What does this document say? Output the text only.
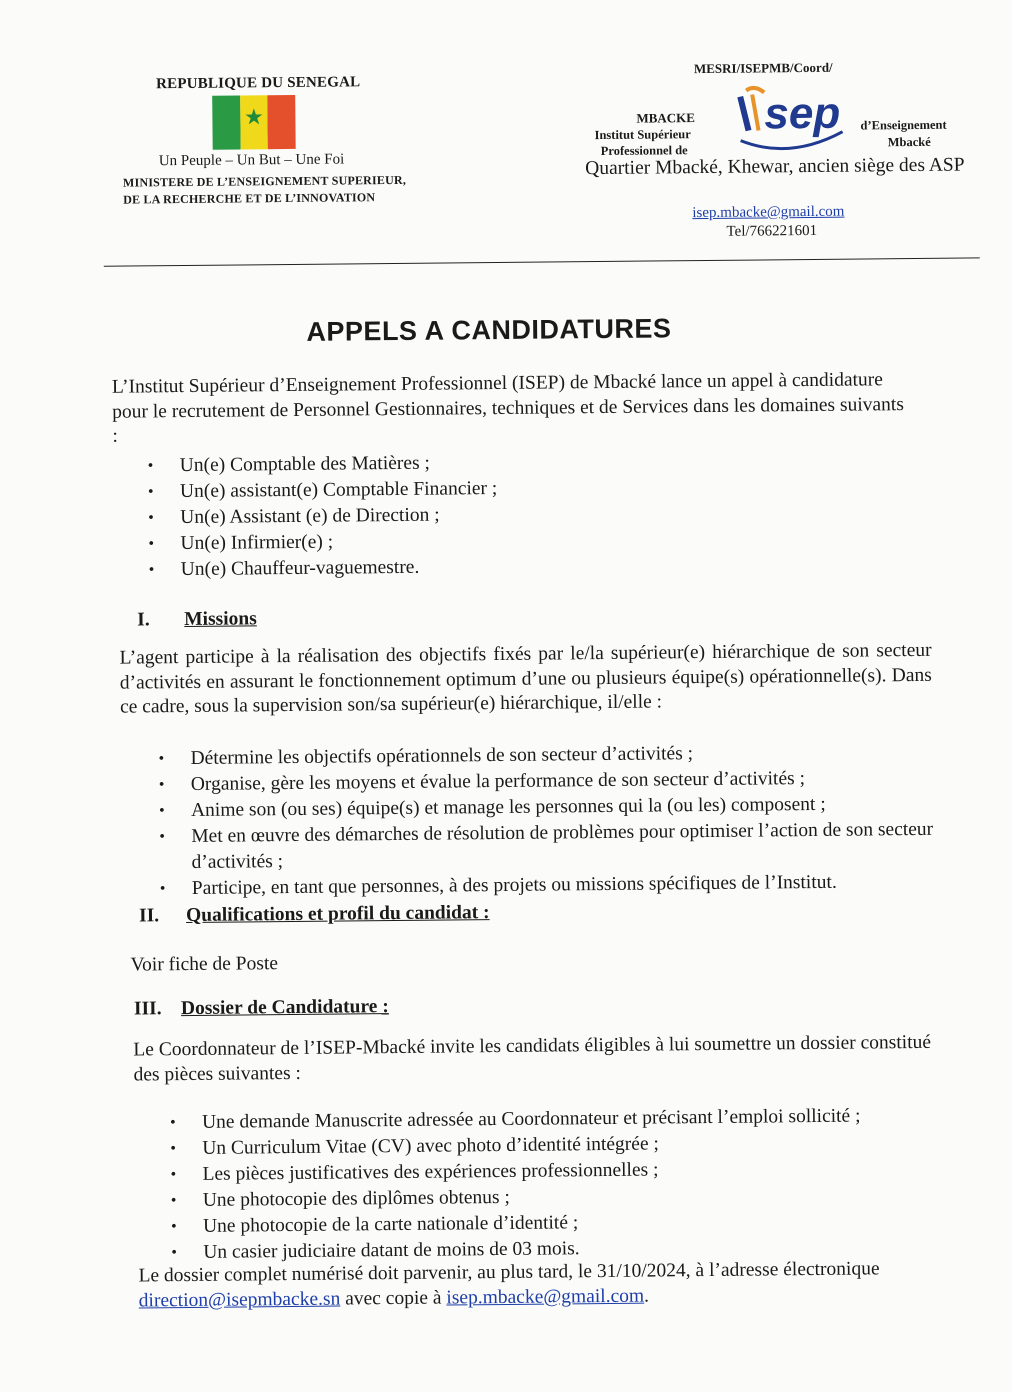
REPUBLIQUE DU SENEGAL
★
Un Peuple – Un But – Une Foi
MINISTERE DE L’ENSEIGNEMENT SUPERIEUR,
DE LA RECHERCHE ET DE L’INNOVATION
MESRI/ISEPMB/Coord/
MBACKE
Institut Supérieur
Professionnel de
sep d’Enseignement
Mbacké
Quartier Mbacké, Khewar, ancien siège des ASP
isep.mbacke@gmail.com
Tel/766221601
APPELS A CANDIDATURES
L’Institut Supérieur d’Enseignement Professionnel (ISEP) de Mbacké lance un appel à candidature pour le recrutement de Personnel Gestionnaires, techniques et de Services dans les domaines suivants :
• Un(e) Comptable des Matières ;
• Un(e) assistant(e) Comptable Financier ;
• Un(e) Assistant (e) de Direction ;
• Un(e) Infirmier(e) ;
• Un(e) Chauffeur-vaguemestre.
I. Missions
L’agent participe à la réalisation des objectifs fixés par le/la supérieur(e) hiérarchique de son secteur d’activités en assurant le fonctionnement optimum d’une ou plusieurs équipe(s) opérationnelle(s). Dans ce cadre, sous la supervision son/sa supérieur(e) hiérarchique, il/elle :
• Détermine les objectifs opérationnels de son secteur d’activités ;
• Organise, gère les moyens et évalue la performance de son secteur d’activités ;
• Anime son (ou ses) équipe(s) et manage les personnes qui la (ou les) composent ;
• Met en œuvre des démarches de résolution de problèmes pour optimiser l’action de son secteur d’activités ;
• Participe, en tant que personnes, à des projets ou missions spécifiques de l’Institut.
II. Qualifications et profil du candidat :
Voir fiche de Poste
III. Dossier de Candidature :
Le Coordonnateur de l’ISEP-Mbacké invite les candidats éligibles à lui soumettre un dossier constitué des pièces suivantes :
• Une demande Manuscrite adressée au Coordonnateur et précisant l’emploi sollicité ;
• Un Curriculum Vitae (CV) avec photo d’identité intégrée ;
• Les pièces justificatives des expériences professionnelles ;
• Une photocopie des diplômes obtenus ;
• Une photocopie de la carte nationale d’identité ;
• Un casier judiciaire datant de moins de 03 mois.
Le dossier complet numérisé doit parvenir, au plus tard, le 31/10/2024, à l’adresse électronique
direction@isepmbacke.sn avec copie à isep.mbacke@gmail.com.
